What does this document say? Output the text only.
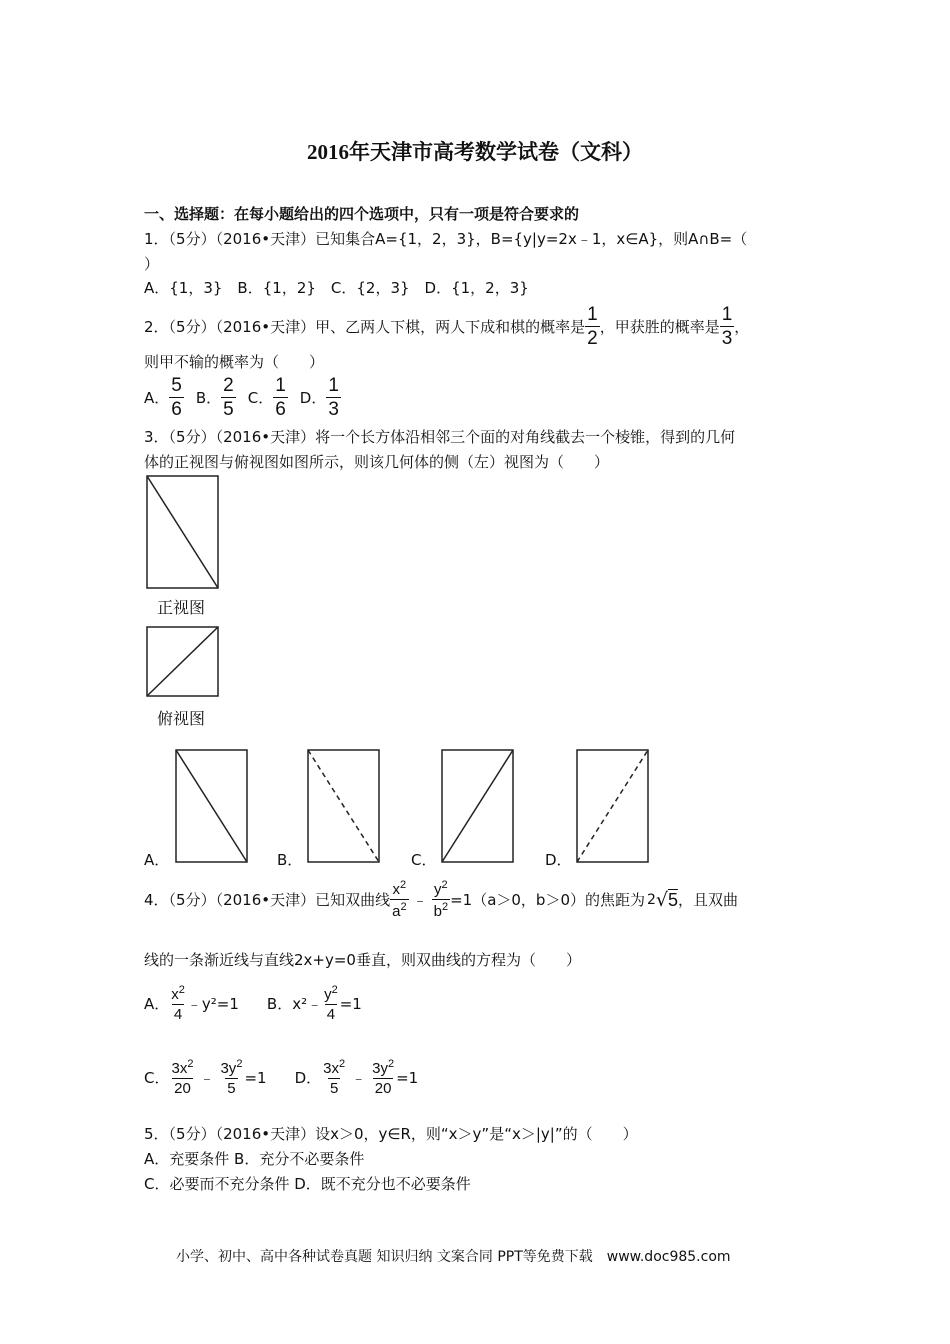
2016年天津市高考数学试卷（文科）
一、选择题：在每小题给出的四个选项中，只有一项是符合要求的
1．（5分）（2016•天津）已知集合A={1，2，3}，B={y|y=2x﹣1，x∈A}，则A∩B=（
）
A．{1，3}　B．{1，2}　C．{2，3}　D．{1，2，3}
2．（5分）（2016•天津）甲、乙两人下棋，两人下成和棋的概率是 $\frac{1}{2}$ ，甲获胜的概率是 $\frac{1}{3}$ ，
则甲不输的概率为（　　）
A． $\frac{5}{6}$ B． $\frac{2}{5}$ C． $\frac{1}{6}$ D． $\frac{1}{3}$
3．（5分）（2016•天津）将一个长方体沿相邻三个面的对角线截去一个棱锥，得到的几何
体的正视图与俯视图如图所示，则该几何体的侧（左）视图为（　　）
正视图
俯视图
A．	B．	C．	D．
4．（5分）（2016•天津）已知双曲线 $\frac{x^2}{a^2}$ ﹣ $\frac{y^2}{b^2} =1(a>0$，b＞0）的焦距为 2 √ 5 ，且双曲
线的一条渐近线与直线2x+y=0垂直，则双曲线的方程为（　　）
A． $\frac{x^2}{4}$ ﹣y²=1 B． x²﹣ $\frac{y^2}{4} =1$
C． $\frac{3x^2}{20}$ ﹣ $\frac{3y^2}{5} =1$ D． $\frac{3x^2}{5}$ ﹣ $\frac{3y^2}{20} =1$
5．（5分）（2016•天津）设x＞0，y∈R，则“x＞y”是“x＞|y|”的（　　）
A．充要条件 B．充分不必要条件
C．必要而不充分条件 D．既不充分也不必要条件
小学、初中、高中各种试卷真题 知识归纳 文案合同 PPT等免费下载　www.doc985.com
